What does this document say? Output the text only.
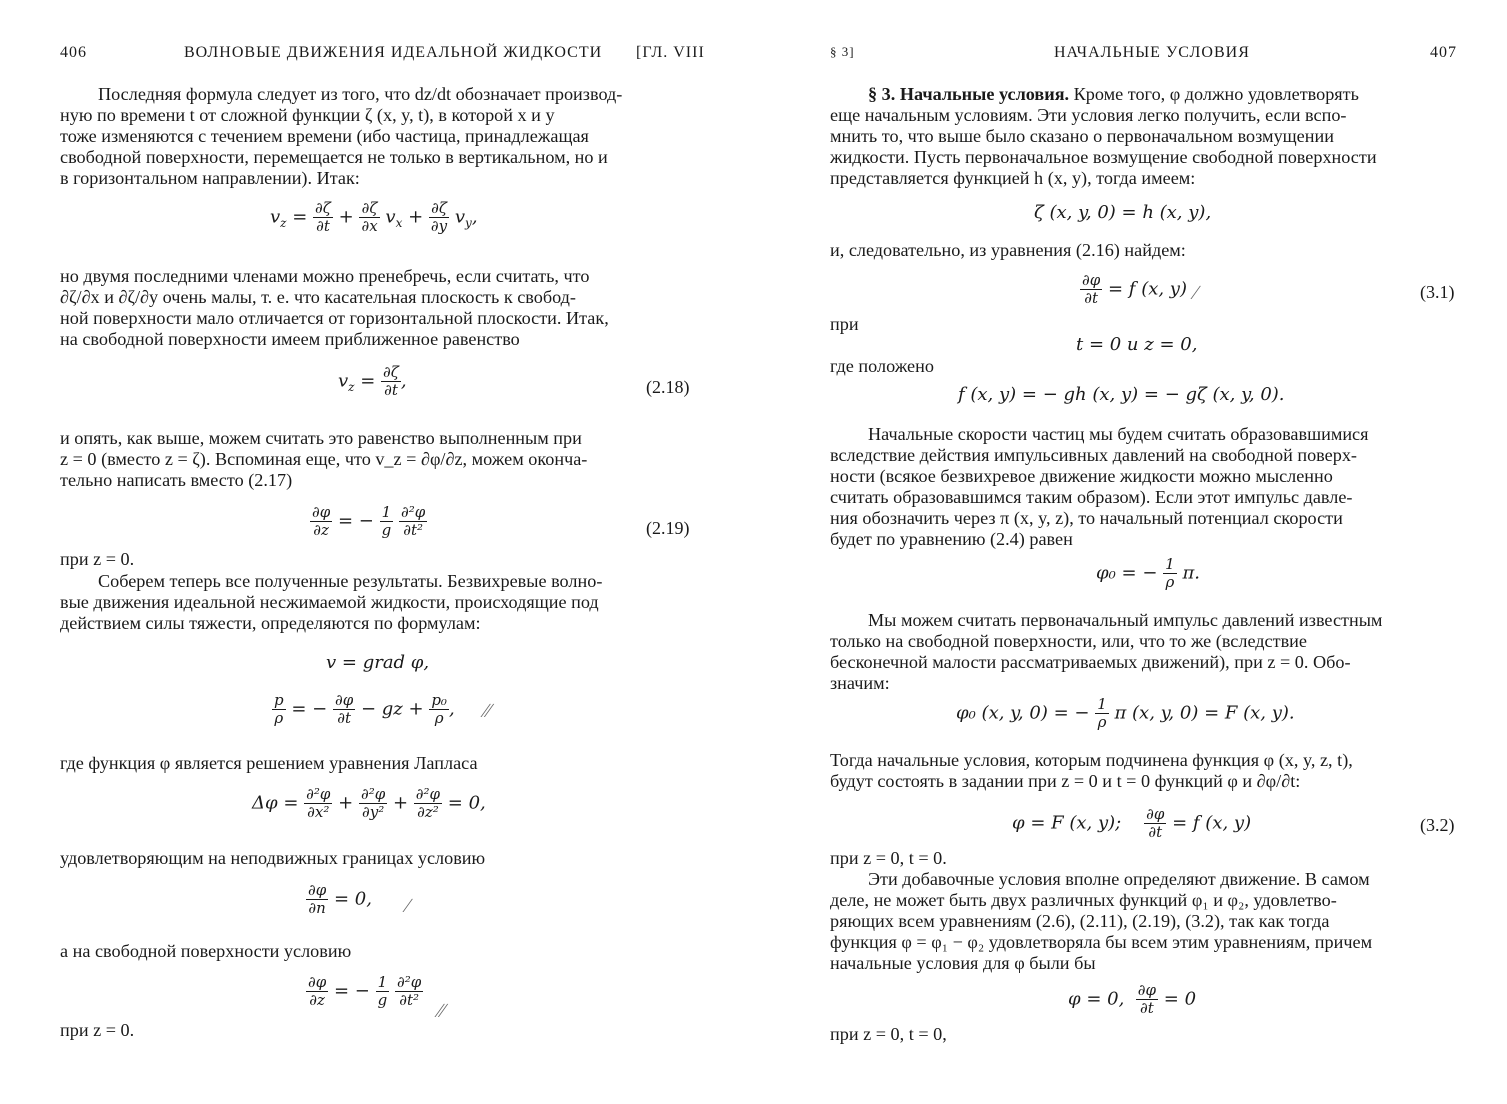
406	ВОЛНОВЫЕ ДВИЖЕНИЯ ИДЕАЛЬНОЙ ЖИДКОСТИ [ГЛ. VIII
Последняя формула следует из того, что dz/dt обозначает производ-
ную по времени t от сложной функции ζ (x, y, t), в которой x и y
тоже изменяются с течением времени (ибо частица, принадлежащая
свободной поверхности, перемещается не только в вертикальном, но и
в горизонтальном направлении). Итак:
$v_z = \frac{\partial\zeta}{\partial t} + \frac{\partial\zeta}{\partial x} v_x + \frac{\partial\zeta}{\partial y} v_y$,
но двумя последними членами можно пренебречь, если считать, что
∂ζ/∂x и ∂ζ/∂y очень малы, т. е. что касательная плоскость к свобод-
ной поверхности мало отличается от горизонтальной плоскости. Итак,
на свободной поверхности имеем приближенное равенство
$v_z = \frac{\partial\zeta}{\partial t}$ ,	(2.18)
и опять, как выше, можем считать это равенство выполненным при
z = 0 (вместо z = ζ). Вспоминая еще, что v_z = ∂φ/∂z, можем оконча-
тельно написать вместо (2.17)
$\frac{\partial\varphi}{\partial z}$ = − $\frac{1}{g}$
$\frac{\text{∂²φ}}{\text{∂t²}}$	(2.19)
при z = 0.
Соберем теперь все полученные результаты. Безвихревые волно-
вые движения идеальной несжимаемой жидкости, происходящие под
действием силы тяжести, определяются по формулам:
v = grad φ,
$\frac{p}{\rho}$ = − $\frac{\partial\varphi}{\partial t}$ − gz + $\frac{\text{p₀}}{\rho}$ , ∕∕
где функция φ является решением уравнения Лапласа
$\Delta\varphi = \frac{\text{∂²φ}}{\text{∂x²}} + \frac{\text{∂²φ}}{\text{∂y²}} + \frac{\text{∂²φ}}{\text{∂z²}} = 0$,
удовлетворяющим на неподвижных границах условию
$\frac{\partial\varphi}{\partial n} = 0$, ∕
а на свободной поверхности условию
$\frac{\partial\varphi}{\partial z}$ = − $\frac{1}{g}$
$\frac{\text{∂²φ}}{\text{∂t²}}$
∕∕
при z = 0.
§ 3]	НАЧАЛЬНЫЕ УСЛОВИЯ	407
§ 3. Начальные условия. Кроме того, φ должно удовлетворять
еще начальным условиям. Эти условия легко получить, если вспо-
мнить то, что выше было сказано о первоначальном возмущении
жидкости. Пусть первоначальное возмущение свободной поверхности
представляется функцией h (x, y), тогда имеем:
ζ (x, y, 0) = h (x, y),
и, следовательно, из уравнения (2.16) найдем:
$\frac{\partial\varphi}{\partial t} = f$ (x, y) ∕	(3.1)
при
t = 0 и z = 0,
где положено
f (x, y) = − gh (x, y) = − gζ (x, y, 0).
Начальные скорости частиц мы будем считать образовавшимися
вследствие действия импульсивных давлений на свободной поверх-
ности (всякое безвихревое движение жидкости можно мысленно
считать образовавшимся таким образом). Если этот импульс давле-
ния обозначить через π (x, y, z), то начальный потенциал скорости
будет по уравнению (2.4) равен
φ₀ = − $\frac{1}{\rho} \pi$.
Мы можем считать первоначальный импульс давлений известным
только на свободной поверхности, или, что то же (вследствие
бесконечной малости рассматриваемых движений), при z = 0. Обо-
значим:
φ₀ (x, y, 0) = − $\frac{1}{\rho}$ π (x, y, 0) = F (x, y).
Тогда начальные условия, которым подчинена функция φ (x, y, z, t),
будут состоять в задании при z = 0 и t = 0 функций φ и ∂φ/∂t:
φ = F (x, y); $\frac{\partial\varphi}{\partial t} = f$ (x, y)	(3.2)
при z = 0, t = 0.
Эти добавочные условия вполне определяют движение. В самом
деле, не может быть двух различных функций φ₁ и φ₂, удовлетво-
ряющих всем уравнениям (2.6), (2.11), (2.19), (3.2), так как тогда
функция φ = φ₁ − φ₂ удовлетворяла бы всем этим уравнениям, причем
начальные условия для φ были бы
φ = 0, $\frac{\partial\varphi}{\partial t} = 0$
при z = 0, t = 0,
